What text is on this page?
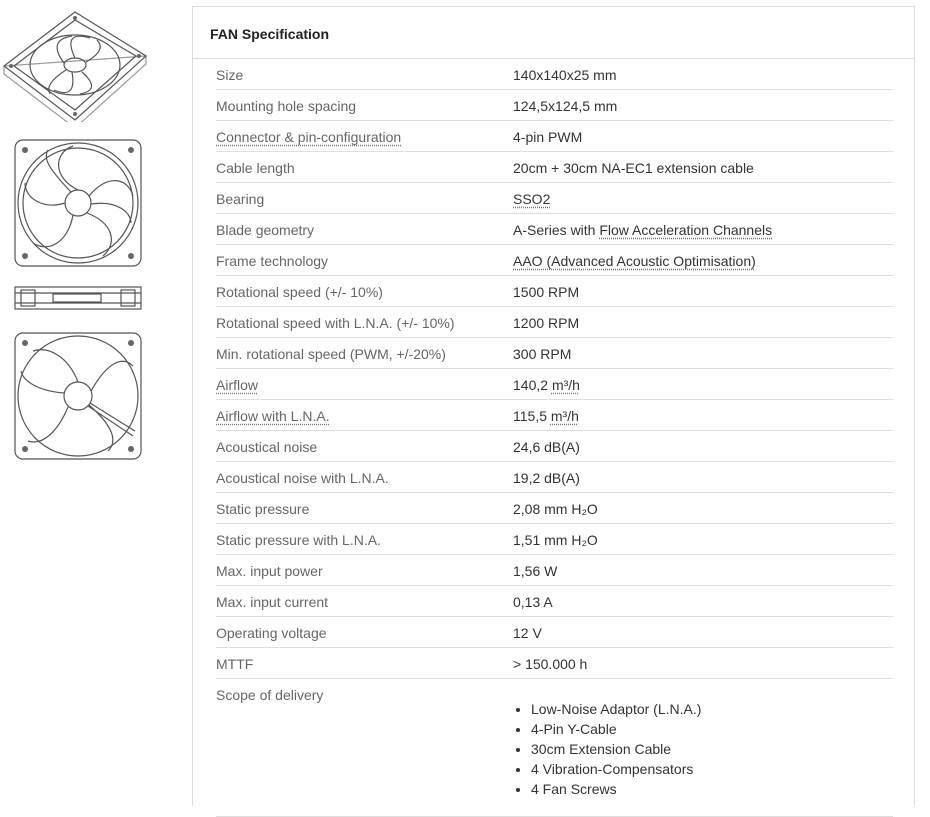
FAN Specification
Size	140x140x25 mm
Mounting hole spacing	124,5x124,5 mm
Connector & pin-configuration	4-pin PWM
Cable length	20cm + 30cm NA-EC1 extension cable
Bearing	SSO2
Blade geometry	A-Series with Flow Acceleration Channels
Frame technology	AAO (Advanced Acoustic Optimisation)
Rotational speed (+/- 10%)	1500 RPM
Rotational speed with L.N.A. (+/- 10%)	1200 RPM
Min. rotational speed (PWM, +/-20%)	300 RPM
Airflow	140,2 m³/h
Airflow with L.N.A.	115,5 m³/h
Acoustical noise	24,6 dB(A)
Acoustical noise with L.N.A.	19,2 dB(A)
Static pressure	2,08 mm H₂O
Static pressure with L.N.A.	1,51 mm H₂O
Max. input power	1,56 W
Max. input current	0,13 A
Operating voltage	12 V
MTTF	> 150.000 h
Scope of delivery
• Low-Noise Adaptor (L.N.A.)
• 4-Pin Y-Cable
• 30cm Extension Cable
• 4 Vibration-Compensators
• 4 Fan Screws
